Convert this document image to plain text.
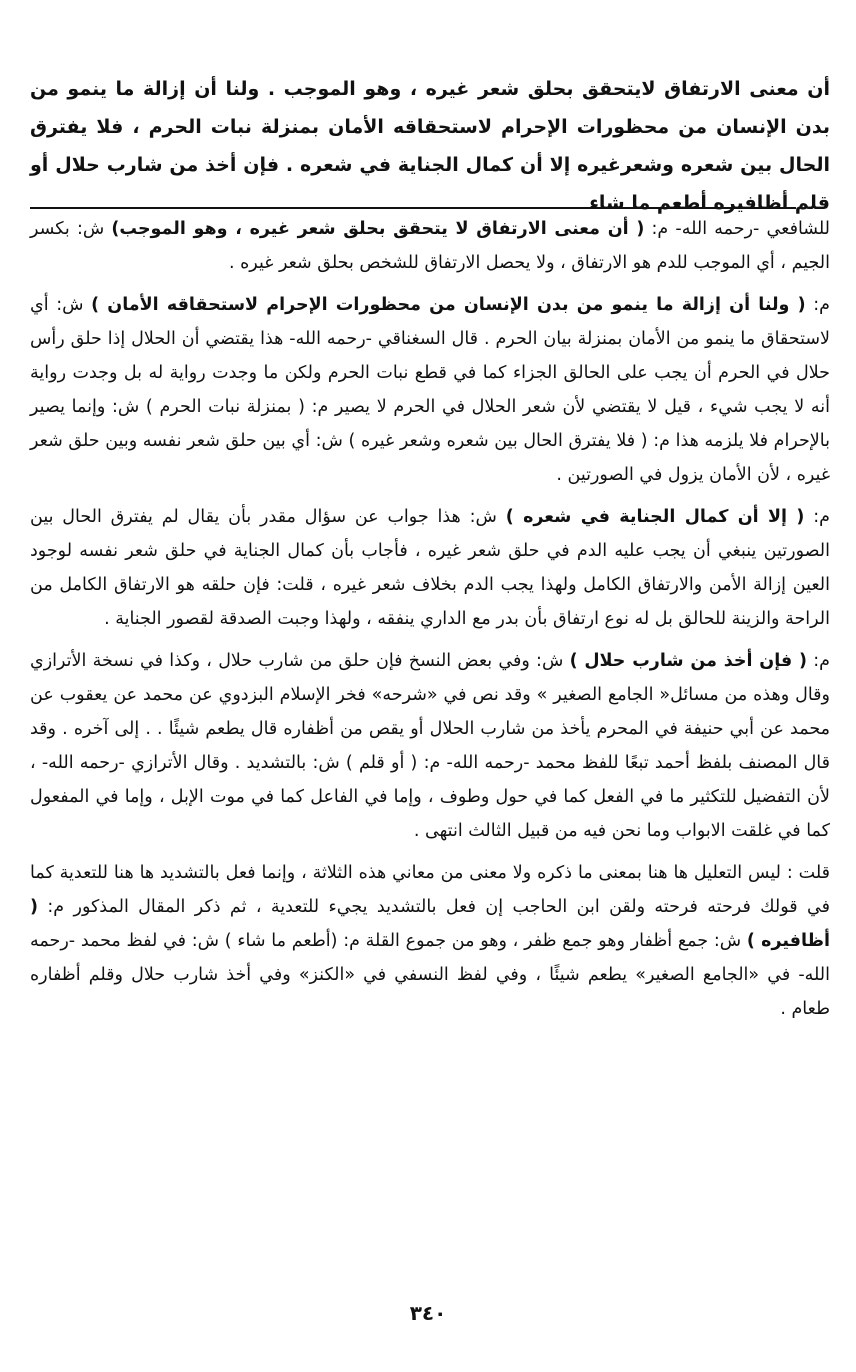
أن معنى الارتفاق لايتحقق بحلق شعر غيره ، وهو الموجب . ولنا أن إزالة ما ينمو من بدن الإنسان من محظورات الإحرام لاستحقاقه الأمان بمنزلة نبات الحرم ، فلا يفترق الحال بين شعره وشعرغيره إلا أن كمال الجناية في شعره . فإن أخذ من شارب حلال أو قلم أظافيره أطعم ما شاء

للشافعي -رحمه الله- م: ( أن معنى الارتفاق لا يتحقق بحلق شعر غيره ، وهو الموجب) ش: بكسر الجيم ، أي الموجب للدم هو الارتفاق ، ولا يحصل الارتفاق للشخص بحلق شعر غيره .

م: ( ولنا أن إزالة ما ينمو من بدن الإنسان من محظورات الإحرام لاستحقاقه الأمان ) ش: أي لاستحقاق ما ينمو من الأمان بمنزلة بيان الحرم . قال السغناقي -رحمه الله- هذا يقتضي أن الحلال إذا حلق رأس حلال في الحرم أن يجب على الحالق الجزاء كما في قطع نبات الحرم ولكن ما وجدت رواية له بل وجدت رواية أنه لا يجب شيء ، قيل لا يقتضي لأن شعر الحلال في الحرم لا يصير م: ( بمنزلة نبات الحرم ) ش: وإنما يصير بالإحرام فلا يلزمه هذا م: ( فلا يفترق الحال بين شعره وشعر غيره ) ش: أي بين حلق شعر نفسه وبين حلق شعر غيره ، لأن الأمان يزول في الصورتين .

م: ( إلا أن كمال الجناية في شعره ) ش: هذا جواب عن سؤال مقدر بأن يقال لم يفترق الحال بين الصورتين ينبغي أن يجب عليه الدم في حلق شعر غيره ، فأجاب بأن كمال الجناية في حلق شعر نفسه لوجود العين إزالة الأمن والارتفاق الكامل ولهذا يجب الدم بخلاف شعر غيره ، قلت: فإن حلقه هو الارتفاق الكامل من الراحة والزينة للحالق بل له نوع ارتفاق بأن بدر مع الداري ينفقه ، ولهذا وجبت الصدقة لقصور الجناية .

م: ( فإن أخذ من شارب حلال ) ش: وفي بعض النسخ فإن حلق من شارب حلال ، وكذا في نسخة الأترازي وقال وهذه من مسائل« الجامع الصغير » وقد نص في «شرحه» فخر الإسلام البزدوي عن محمد عن يعقوب عن محمد عن أبي حنيفة في المحرم يأخذ من شارب الحلال أو يقص من أظفاره قال يطعم شيئًا . . إلى آخره . وقد قال المصنف بلفظ أحمد تبعًا للفظ محمد -رحمه الله- م: ( أو قلم ) ش: بالتشديد . وقال الأترازي -رحمه الله- ، لأن التفضيل للتكثير ما في الفعل كما في حول وطوف ، وإما في الفاعل كما في موت الإبل ، وإما في المفعول كما في غلقت الابواب وما نحن فيه من قبيل الثالث انتهى .

قلت : ليس التعليل ها هنا بمعنى ما ذكره ولا معنى من معاني هذه الثلاثة ، وإنما فعل بالتشديد ها هنا للتعدية كما في قولك فرحته فرحته ولقن ابن الحاجب إن فعل بالتشديد يجيء للتعدية ، ثم ذكر المقال المذكور م: ( أظافيره ) ش: جمع أظفار وهو جمع ظفر ، وهو من جموع القلة م: (أطعم ما شاء ) ش: في لفظ محمد -رحمه الله- في «الجامع الصغير» يطعم شيئًا ، وفي لفظ النسفي في «الكنز» وفي أخذ شارب حلال وقلم أظفاره طعام .

٣٤٠
